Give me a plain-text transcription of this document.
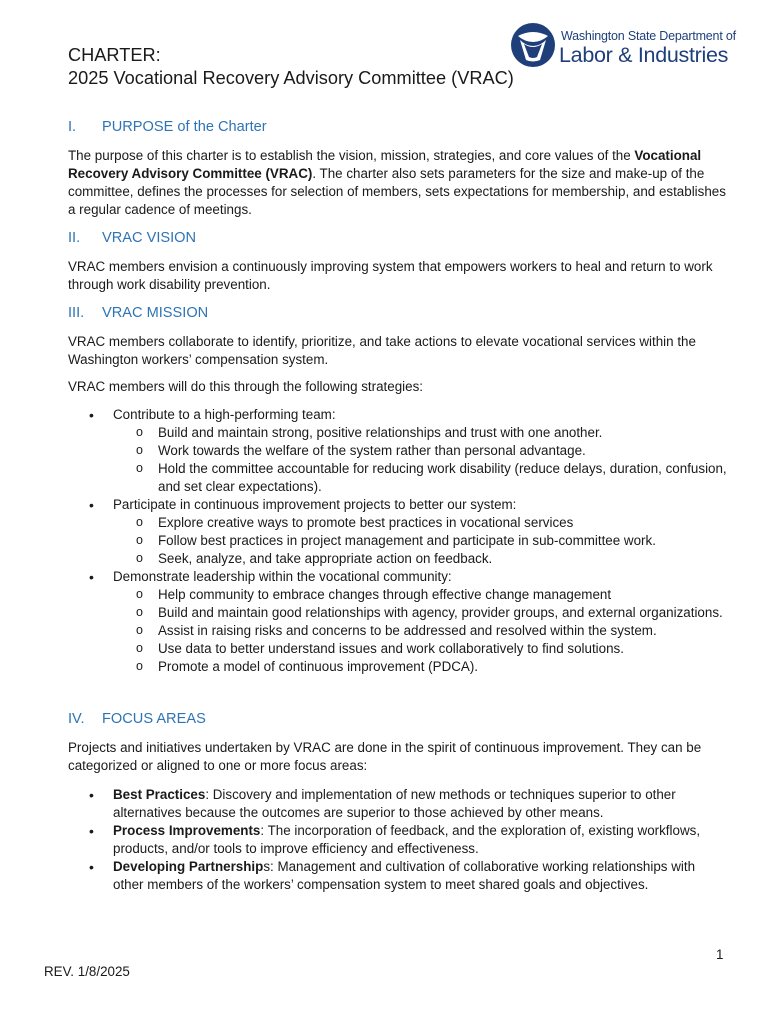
Washington State Department of
Labor & Industries
CHARTER:
2025 Vocational Recovery Advisory Committee (VRAC)
I. PURPOSE of the Charter

The purpose of this charter is to establish the vision, mission, strategies, and core values of the Vocational Recovery Advisory Committee (VRAC). The charter also sets parameters for the size and make-up of the committee, defines the processes for selection of members, sets expectations for membership, and establishes a regular cadence of meetings.

II. VRAC VISION

VRAC members envision a continuously improving system that empowers workers to heal and return to work through work disability prevention.

III. VRAC MISSION

VRAC members collaborate to identify, prioritize, and take actions to elevate vocational services within the Washington workers’ compensation system.

VRAC members will do this through the following strategies:

• Contribute to a high-performing team:
o Build and maintain strong, positive relationships and trust with one another.
o Work towards the welfare of the system rather than personal advantage.
o Hold the committee accountable for reducing work disability (reduce delays, duration, confusion, and set clear expectations).
• Participate in continuous improvement projects to better our system:
o Explore creative ways to promote best practices in vocational services
o Follow best practices in project management and participate in sub-committee work.
o Seek, analyze, and take appropriate action on feedback.
• Demonstrate leadership within the vocational community:
o Help community to embrace changes through effective change management
o Build and maintain good relationships with agency, provider groups, and external organizations.
o Assist in raising risks and concerns to be addressed and resolved within the system.
o Use data to better understand issues and work collaboratively to find solutions.
o Promote a model of continuous improvement (PDCA).
IV. FOCUS AREAS

Projects and initiatives undertaken by VRAC are done in the spirit of continuous improvement. They can be categorized or aligned to one or more focus areas:

• Best Practices: Discovery and implementation of new methods or techniques superior to other alternatives because the outcomes are superior to those achieved by other means.
• Process Improvements: The incorporation of feedback, and the exploration of, existing workflows, products, and/or tools to improve efficiency and effectiveness.
• Developing Partnerships: Management and cultivation of collaborative working relationships with other members of the workers’ compensation system to meet shared goals and objectives.
1
REV. 1/8/2025
